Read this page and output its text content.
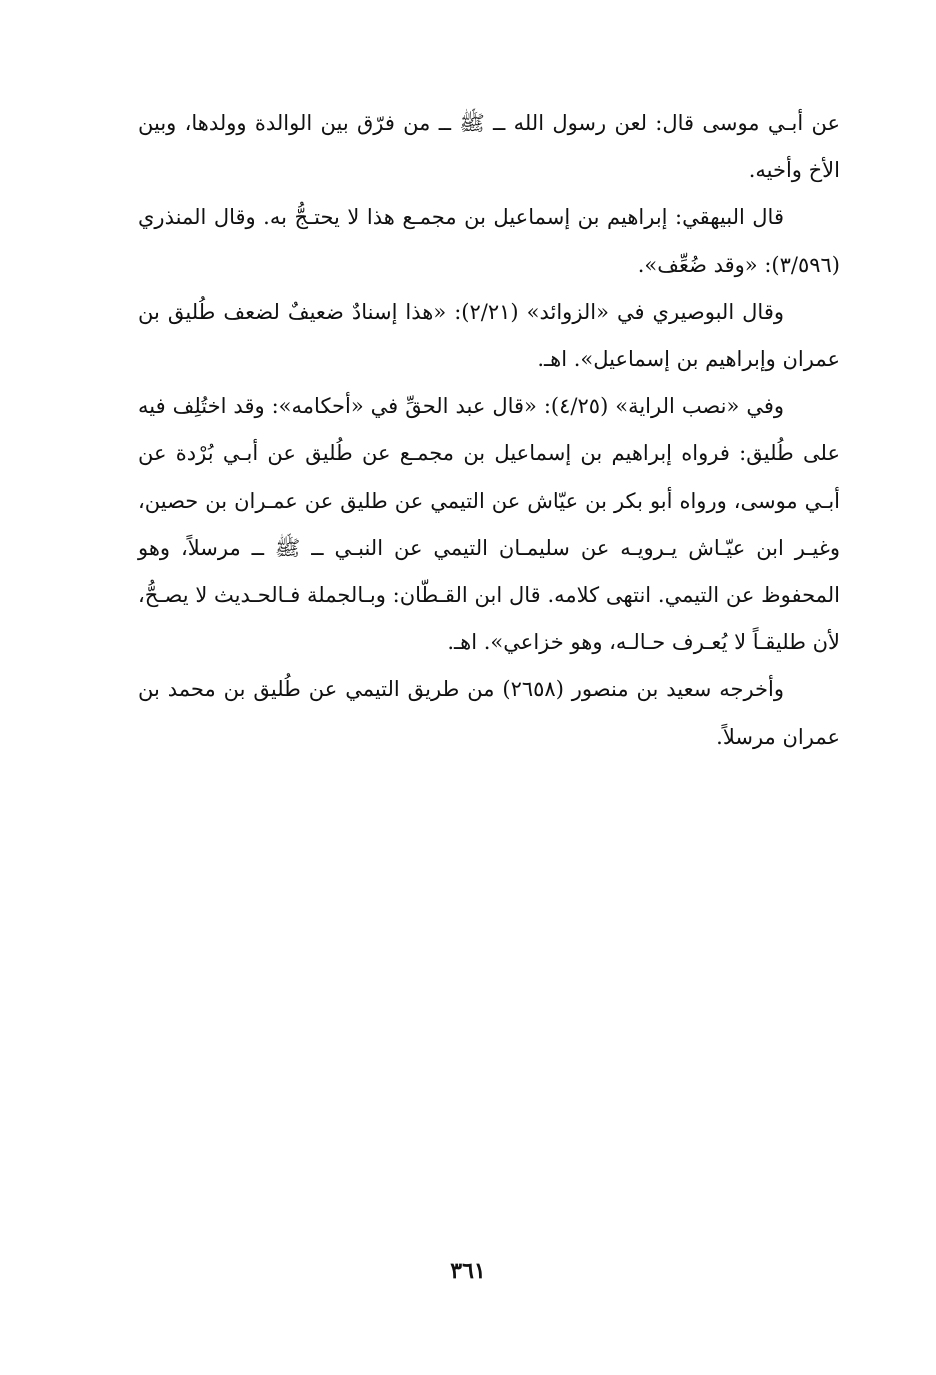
عن أبـي موسى قال: لعن رسول الله ــ ﷺ ــ من فرّق بين الوالدة وولدها، وبين الأخ وأخيه.

قال البيهقي: إبراهيم بن إسماعيل بن مجمـع هذا لا يحتـجُّ به. وقال المنذري (٣/٥٩٦): «وقد ضُعِّف».

وقال البوصيري في «الزوائد» (٢/٢١): «هذا إسنادٌ ضعيفٌ لضعف طُليق بن عمران وإبراهيم بن إسماعيل». اهـ.

وفي «نصب الراية» (٤/٢٥): «قال عبد الحقِّ في «أحكامه»: وقد اختُلِف فيه على طُليق: فرواه إبراهيم بن إسماعيل بن مجمـع عن طُليق عن أبـي بُرْدة عن أبـي موسى، ورواه أبو بكر بن عيّاش عن التيمي عن طليق عن عمـران بن حصين، وغيـر ابن عيّـاش يـرويـه عن سليمـان التيمي عن النبـي ــ ﷺ ــ مرسلاً، وهو المحفوظ عن التيمي. انتهى كلامه. قال ابن القـطّان: وبـالجملة فـالحـديث لا يصـحُّ، لأن طليقـاً لا يُعـرف حـالـه، وهو خزاعي». اهـ.

وأخرجه سعيد بن منصور (٢٦٥٨) من طريق التيمي عن طُليق بن محمد بن عمران مرسلاً.

٣٦١
